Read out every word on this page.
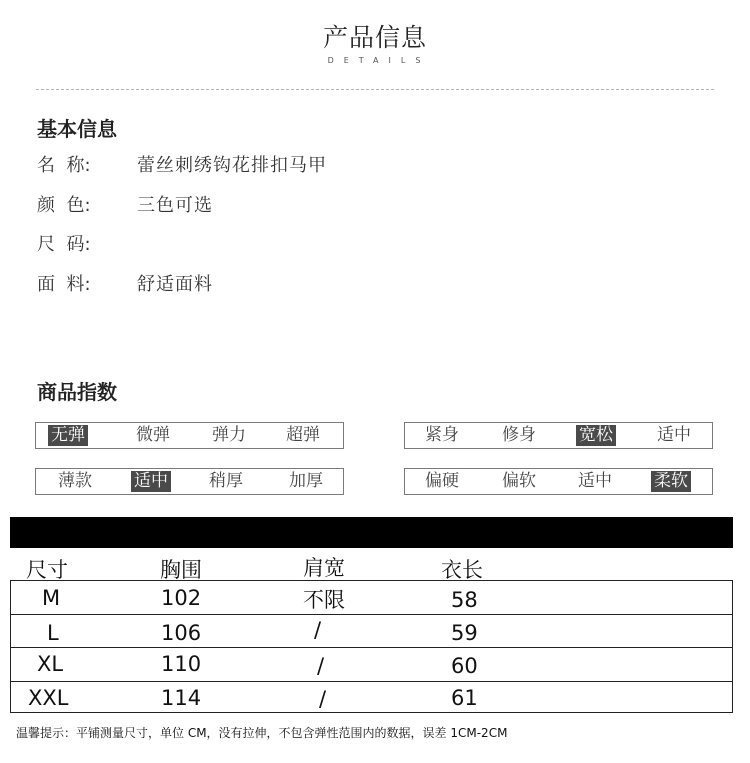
产品信息
DETAILS
基本信息
名  称:	蕾丝刺绣钩花排扣马甲
颜  色:	三色可选
尺  码:
面  料:	舒适面料
商品指数
无弹	微弹 弹力 超弹	紧身	修身	宽松	适中
薄款 适中 稍厚	加厚	偏硬	偏软 适中 柔软
尺寸	胸围	肩宽	衣长
M	102	不限	58
L	106	/	59
XL	110	/	60
XXL	114	/	61
温馨提示：平铺测量尺寸，单位 CM，没有拉伸，不包含弹性范围内的数据，误差 1CM-2CM
